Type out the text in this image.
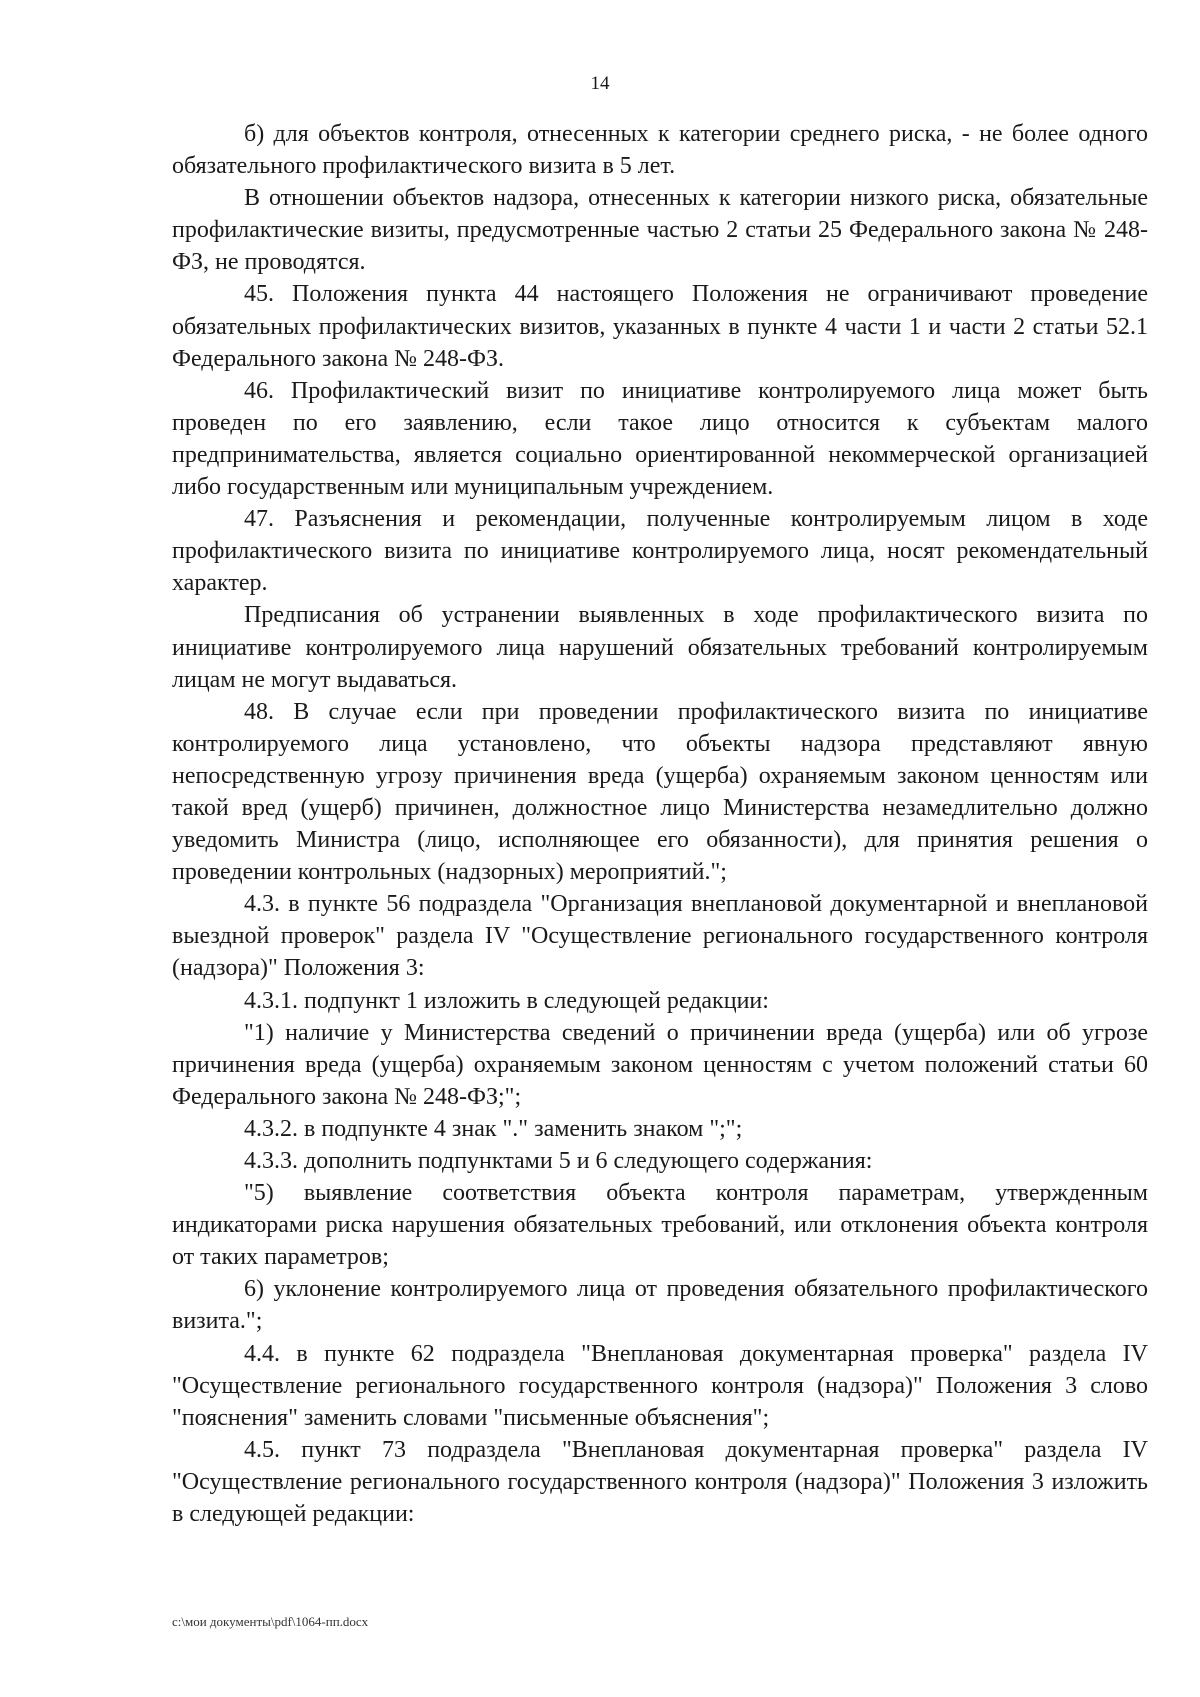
14

б) для объектов контроля, отнесенных к категории среднего риска, - не более одного обязательного профилактического визита в 5 лет.

В отношении объектов надзора, отнесенных к категории низкого риска, обязательные профилактические визиты, предусмотренные частью 2 статьи 25 Федерального закона № 248-ФЗ, не проводятся.

45. Положения пункта 44 настоящего Положения не ограничивают проведение обязательных профилактических визитов, указанных в пункте 4 части 1 и части 2 статьи 52.1 Федерального закона № 248-ФЗ.

46. Профилактический визит по инициативе контролируемого лица может быть проведен по его заявлению, если такое лицо относится к субъектам малого предпринимательства, является социально ориентированной некоммерческой организацией либо государственным или муниципальным учреждением.

47. Разъяснения и рекомендации, полученные контролируемым лицом в ходе профилактического визита по инициативе контролируемого лица, носят рекомендательный характер.

Предписания об устранении выявленных в ходе профилактического визита по инициативе контролируемого лица нарушений обязательных требований контролируемым лицам не могут выдаваться.

48. В случае если при проведении профилактического визита по инициативе контролируемого лица установлено, что объекты надзора представляют явную непосредственную угрозу причинения вреда (ущерба) охраняемым законом ценностям или такой вред (ущерб) причинен, должностное лицо Министерства незамедлительно должно уведомить Министра (лицо, исполняющее его обязанности), для принятия решения о проведении контрольных (надзорных) мероприятий.";

4.3. в пункте 56 подраздела "Организация внеплановой документарной и внеплановой выездной проверок" раздела IV "Осуществление регионального государственного контроля (надзора)" Положения 3:

4.3.1. подпункт 1 изложить в следующей редакции:

"1) наличие у Министерства сведений о причинении вреда (ущерба) или об угрозе причинения вреда (ущерба) охраняемым законом ценностям с учетом положений статьи 60 Федерального закона № 248-ФЗ;";

4.3.2. в подпункте 4 знак "." заменить знаком ";";

4.3.3. дополнить подпунктами 5 и 6 следующего содержания:

"5) выявление соответствия объекта контроля параметрам, утвержденным индикаторами риска нарушения обязательных требований, или отклонения объекта контроля от таких параметров;

6) уклонение контролируемого лица от проведения обязательного профилактического визита.";

4.4. в пункте 62 подраздела "Внеплановая документарная проверка" раздела IV "Осуществление регионального государственного контроля (надзора)" Положения 3 слово "пояснения" заменить словами "письменные объяснения";

4.5. пункт 73 подраздела "Внеплановая документарная проверка" раздела IV "Осуществление регионального государственного контроля (надзора)" Положения 3 изложить в следующей редакции:

c:\мои документы\pdf\1064-пп.docx
